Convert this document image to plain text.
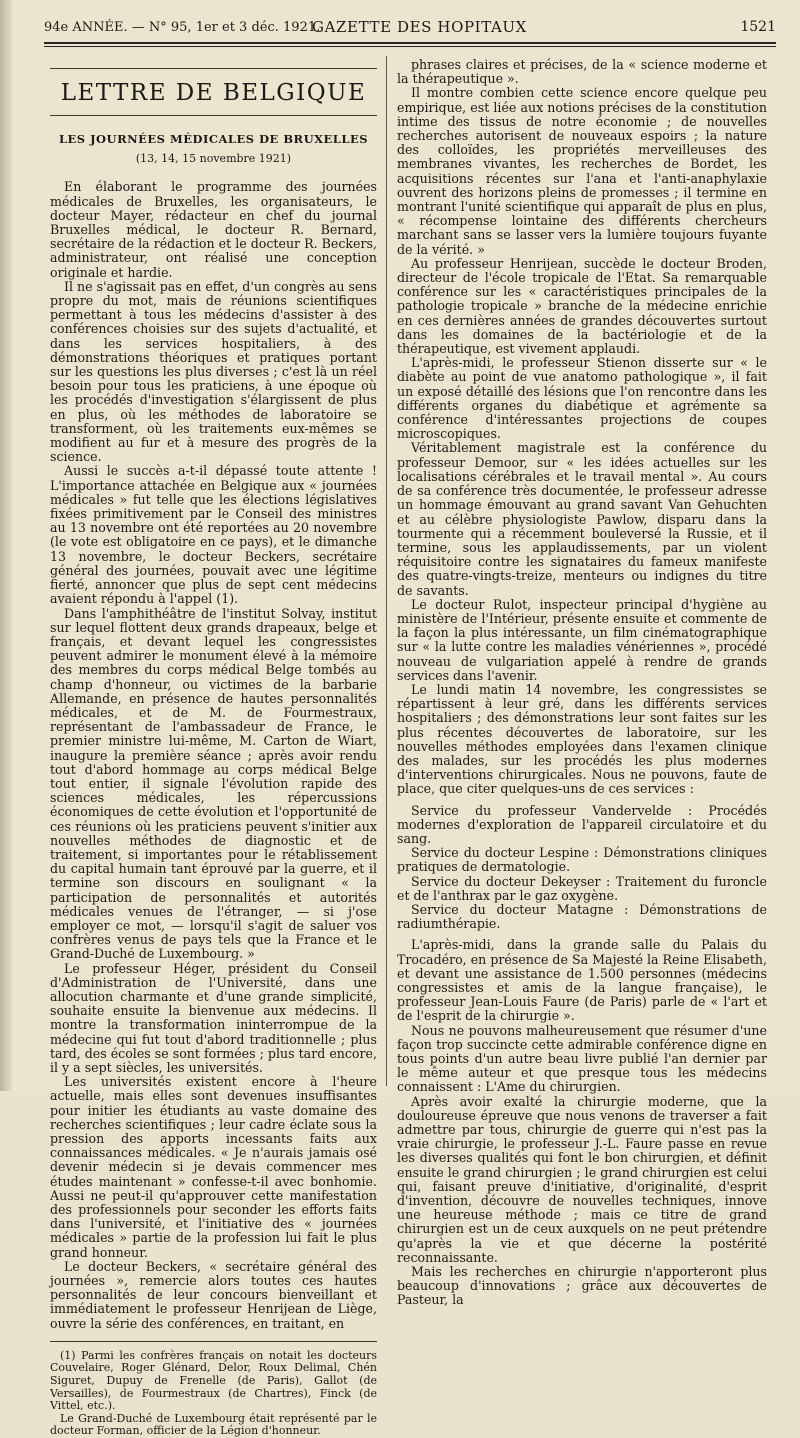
94e ANNÉE. — N° 95, 1er et 3 déc. 1921.
GAZETTE DES HOPITAUX	1521
LETTRE DE BELGIQUE
LES JOURNÉES MÉDICALES DE BRUXELLES
(13, 14, 15 novembre 1921)

En élaborant le programme des journées médicales de Bruxelles, les organisateurs, le docteur Mayer, rédacteur en chef du journal Bruxelles médical, le docteur R. Bernard, secrétaire de la rédaction et le docteur R. Beckers, administrateur, ont réalisé une conception originale et hardie.

Il ne s'agissait pas en effet, d'un congrès au sens propre du mot, mais de réunions scientifiques permettant à tous les médecins d'assister à des conférences choisies sur des sujets d'actualité, et dans les services hospitaliers, à des démonstrations théoriques et pratiques portant sur les questions les plus diverses ; c'est là un réel besoin pour tous les praticiens, à une époque où les procédés d'investigation s'élargissent de plus en plus, où les méthodes de laboratoire se transforment, où les traitements eux-mêmes se modifient au fur et à mesure des progrès de la science.

Aussi le succès a-t-il dépassé toute attente ! L'importance attachée en Belgique aux « journées médicales » fut telle que les élections législatives fixées primitivement par le Conseil des ministres au 13 novembre ont été reportées au 20 novembre (le vote est obligatoire en ce pays), et le dimanche 13 novembre, le docteur Beckers, secrétaire général des journées, pouvait avec une légitime fierté, annoncer que plus de sept cent médecins avaient répondu à l'appel (1).

Dans l'amphithéâtre de l'institut Solvay, institut sur lequel flottent deux grands drapeaux, belge et français, et devant lequel les congressistes peuvent admirer le monument élevé à la mémoire des membres du corps médical Belge tombés au champ d'honneur, ou victimes de la barbarie Allemande, en présence de hautes personnalités médicales, et de M. de Fourmestraux, représentant de l'ambassadeur de France, le premier ministre lui-même, M. Carton de Wiart, inaugure la première séance ; après avoir rendu tout d'abord hommage au corps médical Belge tout entier, il signale l'évolution rapide des sciences médicales, les répercussions économiques de cette évolution et l'opportunité de ces réunions où les praticiens peuvent s'initier aux nouvelles méthodes de diagnostic et de traitement, si importantes pour le rétablissement du capital humain tant éprouvé par la guerre, et il termine son discours en soulignant « la participation de personnalités et autorités médicales venues de l'étranger, — si j'ose employer ce mot, — lorsqu'il s'agit de saluer vos confrères venus de pays tels que la France et le Grand-Duché de Luxembourg. »

Le professeur Héger, président du Conseil d'Administration de l'Université, dans une allocution charmante et d'une grande simplicité, souhaite ensuite la bienvenue aux médecins. Il montre la transformation ininterrompue de la médecine qui fut tout d'abord traditionnelle ; plus tard, des écoles se sont formées ; plus tard encore, il y a sept siècles, les universités.

Les universités existent encore à l'heure actuelle, mais elles sont devenues insuffisantes pour initier les étudiants au vaste domaine des recherches scientifiques ; leur cadre éclate sous la pression des apports incessants faits aux connaissances médicales. « Je n'aurais jamais osé devenir médecin si je devais commencer mes études maintenant » confesse-t-il avec bonhomie. Aussi ne peut-il qu'approuver cette manifestation des professionnels pour seconder les efforts faits dans l'université, et l'initiative des « journées médicales » partie de la profession lui fait le plus grand honneur.

Le docteur Beckers, « secrétaire général des journées », remercie alors toutes ces hautes personnalités de leur concours bienveillant et immédiatement le professeur Henrijean de Liège, ouvre la série des conférences, en traitant, en

(1) Parmi les confrères français on notait les docteurs Couvelaire, Roger Glénard, Delor, Roux Delimal, Chén Siguret, Dupuy de Frenelle (de Paris), Gallot (de Versailles), de Fourmestraux (de Chartres), Finck (de Vittel, etc.).

Le Grand-Duché de Luxembourg était représenté par le docteur Forman, officier de la Légion d'honneur.

phrases claires et précises, de la « science moderne et la thérapeutique ».

Il montre combien cette science encore quelque peu empirique, est liée aux notions précises de la constitution intime des tissus de notre économie ; de nouvelles recherches autorisent de nouveaux espoirs ; la nature des colloïdes, les propriétés merveilleuses des membranes vivantes, les recherches de Bordet, les acquisitions récentes sur l'ana et l'anti-anaphylaxie ouvrent des horizons pleins de promesses ; il termine en montrant l'unité scientifique qui apparaît de plus en plus, « récompense lointaine des différents chercheurs marchant sans se lasser vers la lumière toujours fuyante de la vérité. »

Au professeur Henrijean, succède le docteur Broden, directeur de l'école tropicale de l'Etat. Sa remarquable conférence sur les « caractéristiques principales de la pathologie tropicale » branche de la médecine enrichie en ces dernières années de grandes découvertes surtout dans les domaines de la bactériologie et de la thérapeutique, est vivement applaudi.

L'après-midi, le professeur Stienon disserte sur « le diabète au point de vue anatomo pathologique », il fait un exposé détaillé des lésions que l'on rencontre dans les différents organes du diabétique et agrémente sa conférence d'intéressantes projections de coupes microscopiques.

Véritablement magistrale est la conférence du professeur Demoor, sur « les idées actuelles sur les localisations cérébrales et le travail mental ». Au cours de sa conférence très documentée, le professeur adresse un hommage émouvant au grand savant Van Gehuchten et au célèbre physiologiste Pawlow, disparu dans la tourmente qui a récemment bouleversé la Russie, et il termine, sous les applaudissements, par un violent réquisitoire contre les signataires du fameux manifeste des quatre-vingts-treize, menteurs ou indignes du titre de savants.

Le docteur Rulot, inspecteur principal d'hygiène au ministère de l'Intérieur, présente ensuite et commente de la façon la plus intéressante, un film cinématographique sur « la lutte contre les maladies vénériennes », procédé nouveau de vulgariation appelé à rendre de grands services dans l'avenir.

Le lundi matin 14 novembre, les congressistes se répartissent à leur gré, dans les différents services hospitaliers ; des démonstrations leur sont faites sur les plus récentes découvertes de laboratoire, sur les nouvelles méthodes employées dans l'examen clinique des malades, sur les procédés les plus modernes d'interventions chirurgicales. Nous ne pouvons, faute de place, que citer quelques-uns de ces services :

Service du professeur Vandervelde : Procédés modernes d'exploration de l'appareil circulatoire et du sang.

Service du docteur Lespine : Démonstrations cliniques pratiques de dermatologie.

Service du docteur Dekeyser : Traitement du furoncle et de l'anthrax par le gaz oxygène.

Service du docteur Matagne : Démonstrations de radiumthérapie.

L'après-midi, dans la grande salle du Palais du Trocadéro, en présence de Sa Majesté la Reine Elisabeth, et devant une assistance de 1.500 personnes (médecins congressistes et amis de la langue française), le professeur Jean-Louis Faure (de Paris) parle de « l'art et de l'esprit de la chirurgie ».

Nous ne pouvons malheureusement que résumer d'une façon trop succincte cette admirable conférence digne en tous points d'un autre beau livre publié l'an dernier par le même auteur et que presque tous les médecins connaissent : L'Ame du chirurgien.

Après avoir exalté la chirurgie moderne, que la douloureuse épreuve que nous venons de traverser a fait admettre par tous, chirurgie de guerre qui n'est pas la vraie chirurgie, le professeur J.-L. Faure passe en revue les diverses qualités qui font le bon chirurgien, et définit ensuite le grand chirurgien ; le grand chirurgien est celui qui, faisant preuve d'initiative, d'originalité, d'esprit d'invention, découvre de nouvelles techniques, innove une heureuse méthode ; mais ce titre de grand chirurgien est un de ceux auxquels on ne peut prétendre qu'après la vie et que décerne la postérité reconnaissante.

Mais les recherches en chirurgie n'apporteront plus beaucoup d'innovations ; grâce aux découvertes de Pasteur, la
